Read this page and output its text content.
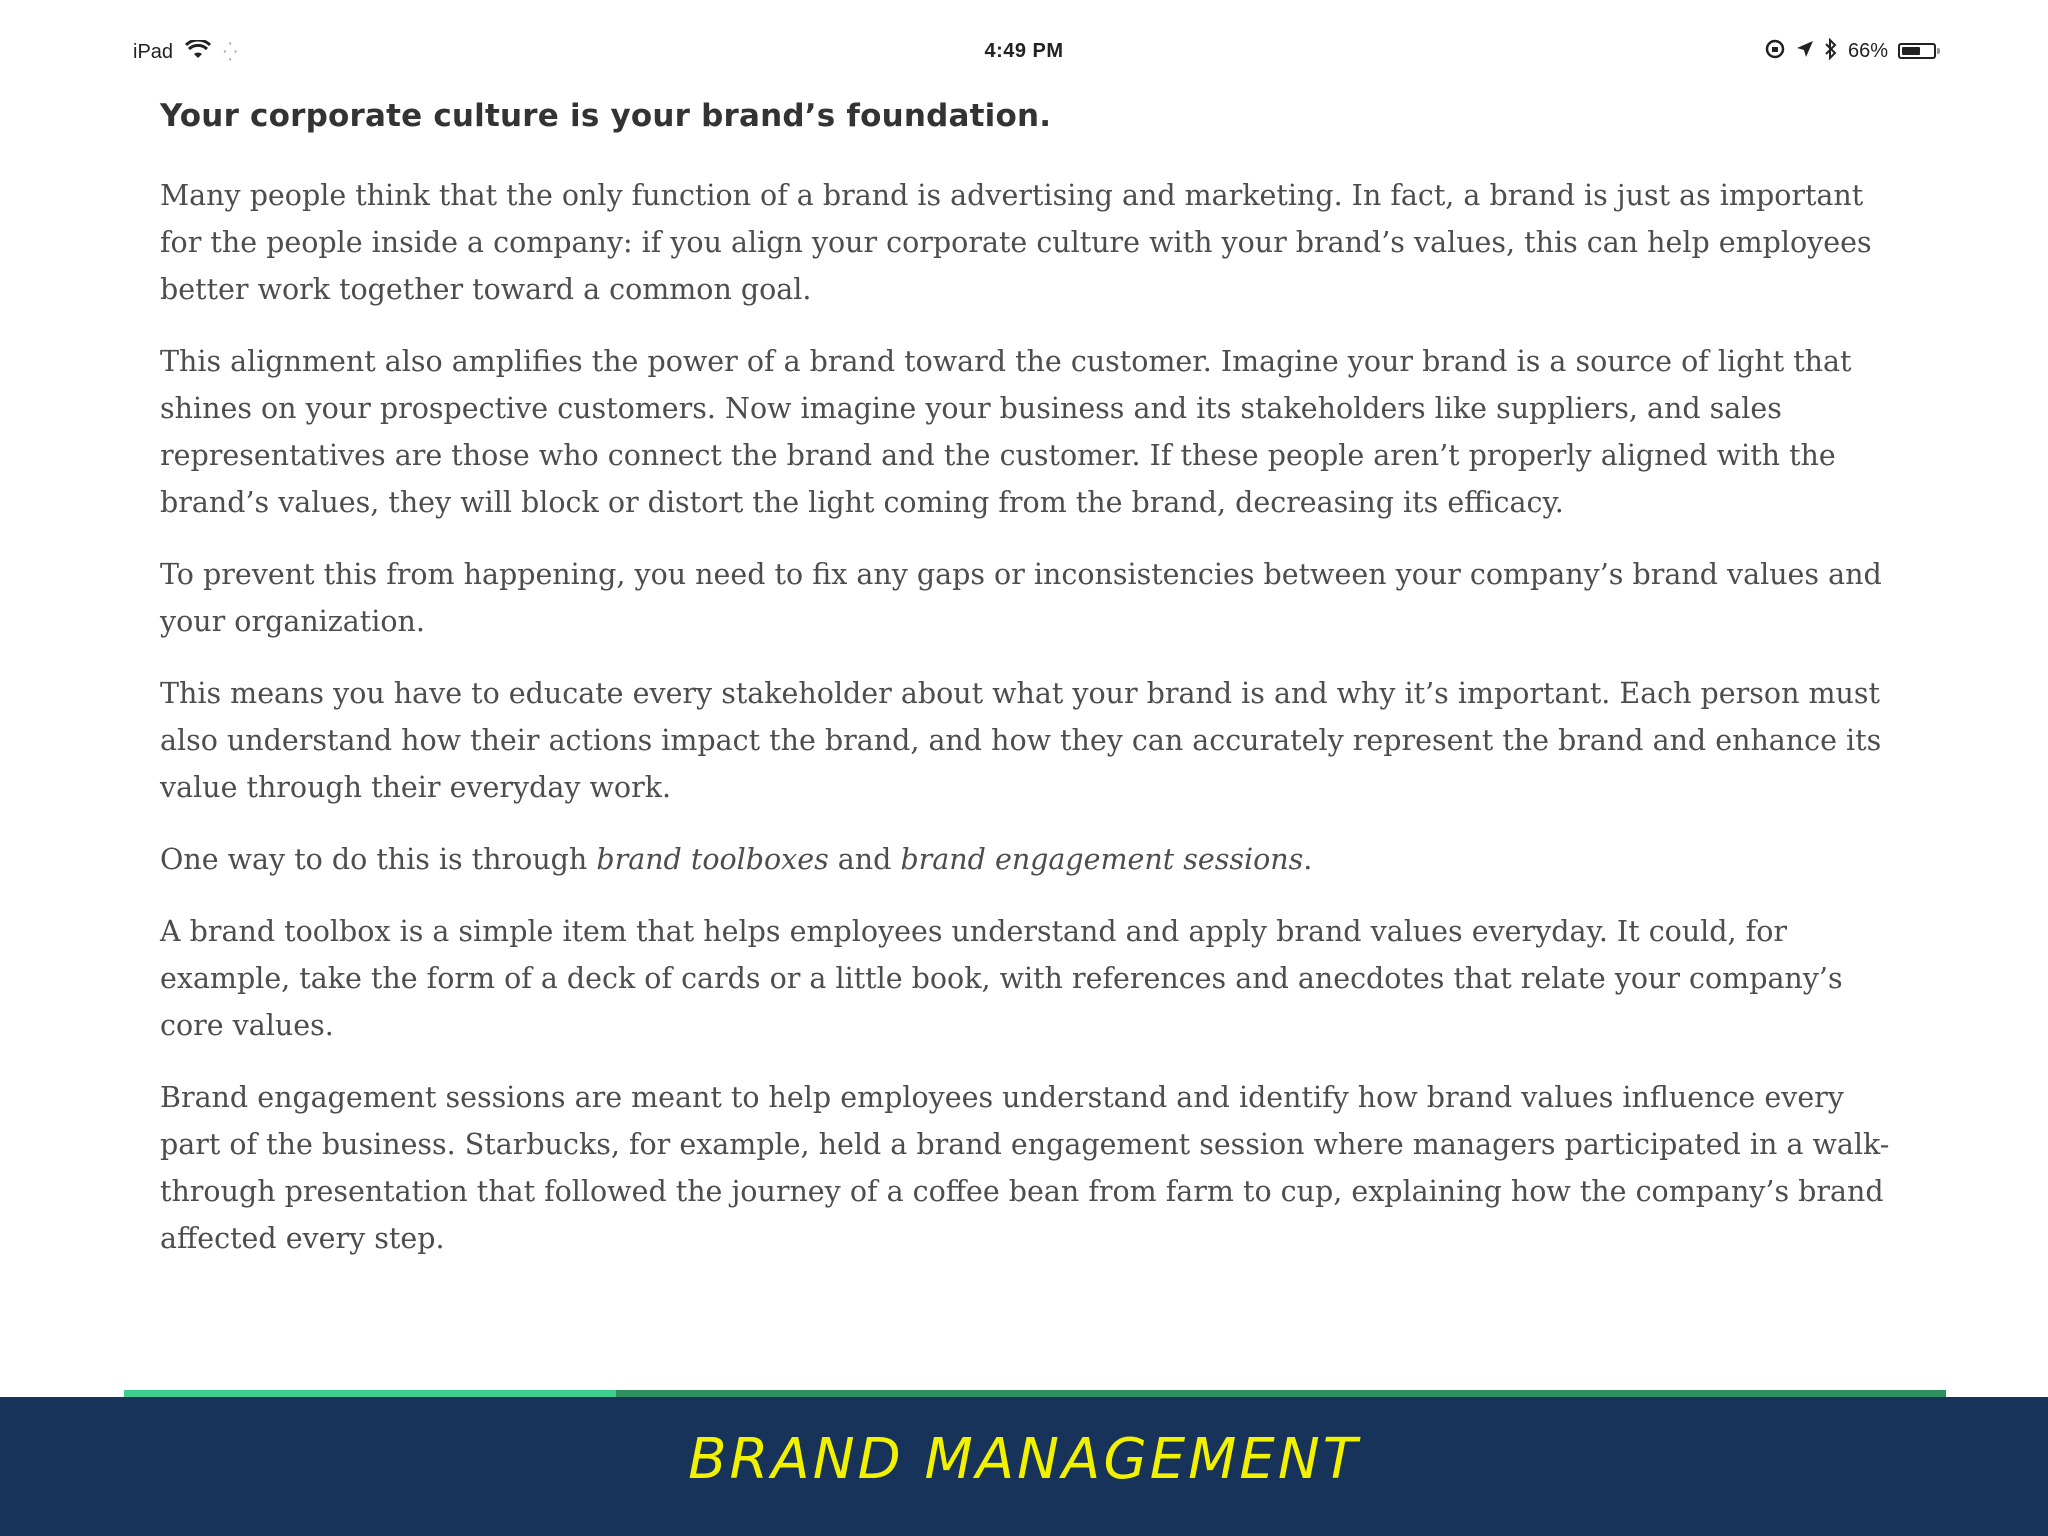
iPad	⁛	4:49 PM	66%
Your corporate culture is your brand’s foundation.

Many people think that the only function of a brand is advertising and marketing. In fact, a brand is just as important for the people inside a company: if you align your corporate culture with your brand’s values, this can help employees better work together toward a common goal.

This alignment also amplifies the power of a brand toward the customer. Imagine your brand is a source of light that shines on your prospective customers. Now imagine your business and its stakeholders like suppliers, and sales representatives are those who connect the brand and the customer. If these people aren’t properly aligned with the brand’s values, they will block or distort the light coming from the brand, decreasing its efficacy.

To prevent this from happening, you need to fix any gaps or inconsistencies between your company’s brand values and your organization.

This means you have to educate every stakeholder about what your brand is and why it’s important. Each person must also understand how their actions impact the brand, and how they can accurately represent the brand and enhance its value through their everyday work.

One way to do this is through brand toolboxes and brand engagement sessions.

A brand toolbox is a simple item that helps employees understand and apply brand values everyday. It could, for example, take the form of a deck of cards or a little book, with references and anecdotes that relate your company’s core values.

Brand engagement sessions are meant to help employees understand and identify how brand values influence every part of the business. Starbucks, for example, held a brand engagement session where managers participated in a walk-through presentation that followed the journey of a coffee bean from farm to cup, explaining how the company’s brand affected every step.

BRAND MANAGEMENT
